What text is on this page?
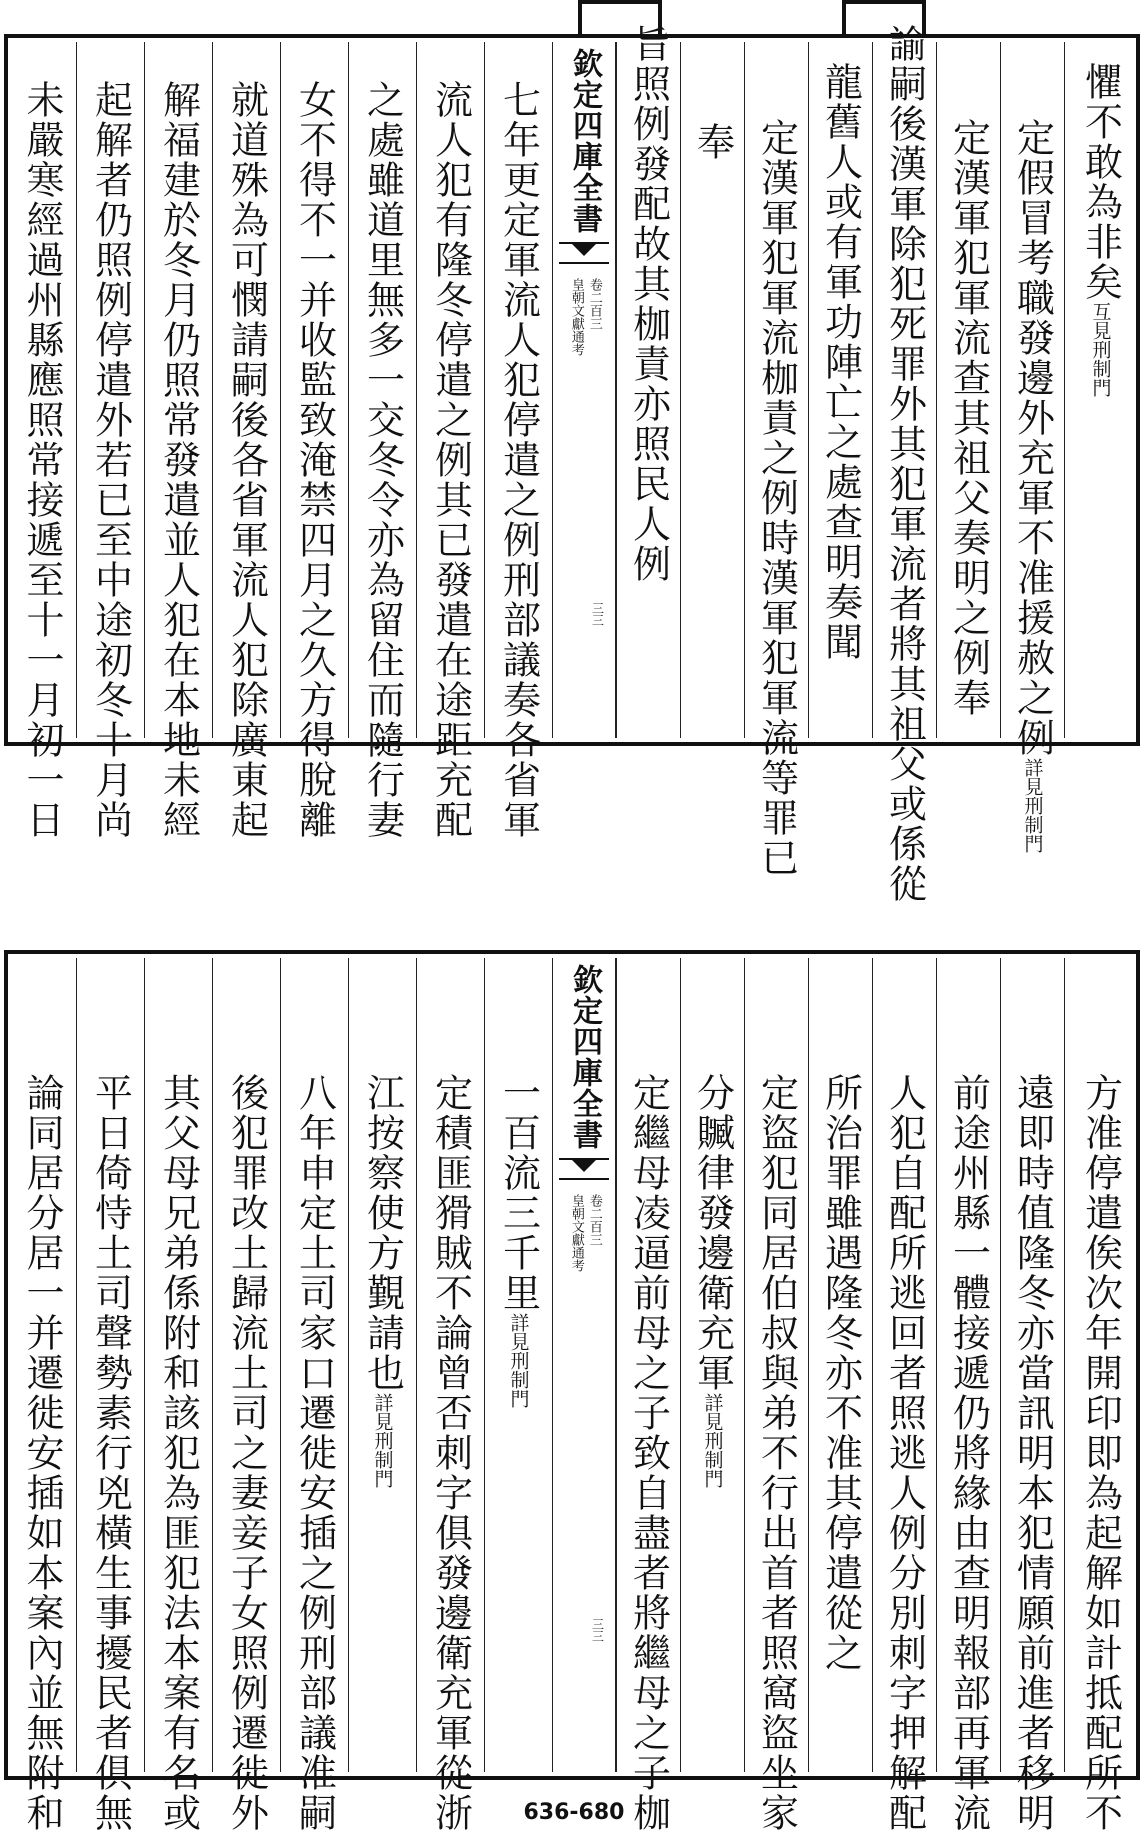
七年更定軍流人犯停遣之例刑部議奏各省軍
流人犯有隆冬停遣之例其已發遣在途距充配
之處雖道里無多一交冬令亦為留住而隨行妻
女不得不一并收監致淹禁四月之久方得脫離
就道殊為可憫請嗣後各省軍流人犯除廣東起
解福建於冬月仍照常發遣並人犯在本地未經
起解者仍照例停遣外若已至中途初冬十月尚
未嚴寒經過州縣應照常接遞至十一月初一日	欽定四庫全書
皇朝文獻通考 卷二百三
三三
旨照例發配故其枷責亦照民人例 奉 定漢軍犯軍流枷責之例時漢軍犯軍流等罪已 龍舊人或有軍功陣亡之處查明奏聞 諭嗣後漢軍除犯死罪外其犯軍流者將其祖父或係從 定漢軍犯軍流查其祖父奏明之例奉 定假冒考職發邊外充軍不准援赦之例詳見刑制門
懼不敢為非矣互見刑制門
一百流三千里詳見刑制門
定積匪猾賊不論曾否刺字俱發邊衛充軍從浙
江按察使方覲請也詳見刑制門
八年申定土司家口遷徙安插之例刑部議准嗣
後犯罪改土歸流土司之妻妾子女照例遷徙外
其父母兄弟係附和該犯為匪犯法本案有名或
平日倚恃土司聲勢素行兇橫生事擾民者俱無
論同居分居一并遷徙安插如本案內並無附和
欽定四庫全書
皇朝文獻通考 卷二百三
三三 定繼母凌逼前母之子致自盡者將繼母之子枷 分贓律發邊衛充軍詳見刑制門 定盜犯同居伯叔與弟不行出首者照窩盜坐家 所治罪雖遇隆冬亦不准其停遣從之 人犯自配所逃回者照逃人例分別刺字押解配 前途州縣一體接遞仍將緣由查明報部再軍流 遠即時值隆冬亦當訊明本犯情願前進者移明 方准停遣俟次年開印即為起解如計抵配所不
636-680
